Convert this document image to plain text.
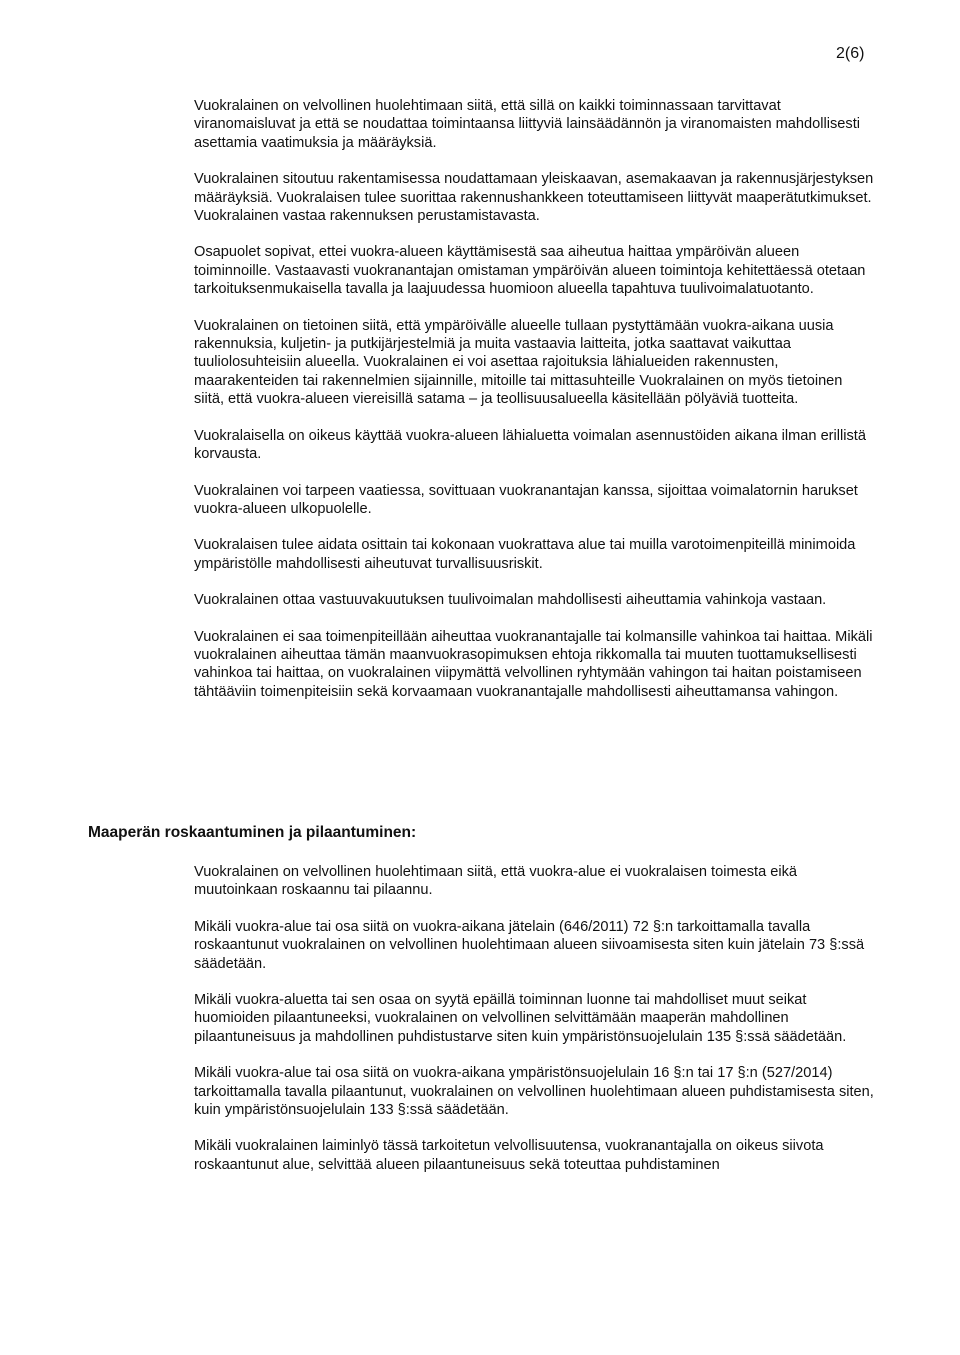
2(6)

Vuokralainen on velvollinen huolehtimaan siitä, että sillä on kaikki toiminnassaan tarvittavat viranomaisluvat ja että se noudattaa toimintaansa liittyviä lainsäädännön ja viranomaisten mahdollisesti asettamia vaatimuksia ja määräyksiä.

Vuokralainen sitoutuu rakentamisessa noudattamaan yleiskaavan, asemakaavan ja rakennusjärjestyksen määräyksiä. Vuokralaisen tulee suorittaa rakennushankkeen toteuttamiseen liittyvät maaperätutkimukset. Vuokralainen vastaa rakennuksen perustamistavasta.

Osapuolet sopivat, ettei vuokra-alueen käyttämisestä saa aiheutua haittaa ympäröivän alueen toiminnoille. Vastaavasti vuokranantajan omistaman ympäröivän alueen toimintoja kehitettäessä otetaan tarkoituksenmukaisella tavalla ja laajuudessa huomioon alueella tapahtuva tuulivoimalatuotanto.

Vuokralainen on tietoinen siitä, että ympäröivälle alueelle tullaan pystyttämään vuokra-aikana uusia rakennuksia, kuljetin- ja putkijärjestelmiä ja muita vastaavia laitteita, jotka saattavat vaikuttaa tuuliolosuhteisiin alueella. Vuokralainen ei voi asettaa rajoituksia lähialueiden rakennusten, maarakenteiden tai rakennelmien sijainnille, mitoille tai mittasuhteille Vuokralainen on myös tietoinen siitä, että vuokra-alueen viereisillä satama – ja teollisuusalueella käsitellään pölyäviä tuotteita.

Vuokralaisella on oikeus käyttää vuokra-alueen lähialuetta voimalan asennustöiden aikana ilman erillistä korvausta.

Vuokralainen voi tarpeen vaatiessa, sovittuaan vuokranantajan kanssa, sijoittaa voimalatornin harukset vuokra-alueen ulkopuolelle.

Vuokralaisen tulee aidata osittain tai kokonaan vuokrattava alue tai muilla varotoimenpiteillä minimoida ympäristölle mahdollisesti aiheutuvat turvallisuusriskit.

Vuokralainen ottaa vastuuvakuutuksen tuulivoimalan mahdollisesti aiheuttamia vahinkoja vastaan.

Vuokralainen ei saa toimenpiteillään aiheuttaa vuokranantajalle tai kolmansille vahinkoa tai haittaa. Mikäli vuokralainen aiheuttaa tämän maanvuokrasopimuksen ehtoja rikkomalla tai muuten tuottamuksellisesti vahinkoa tai haittaa, on vuokralainen viipymättä velvollinen ryhtymään vahingon tai haitan poistamiseen tähtääviin toimenpiteisiin sekä korvaamaan vuokranantajalle mahdollisesti aiheuttamansa vahingon.

Maaperän roskaantuminen ja pilaantuminen:

Vuokralainen on velvollinen huolehtimaan siitä, että vuokra-alue ei vuokralaisen toimesta eikä muutoinkaan roskaannu tai pilaannu.

Mikäli vuokra-alue tai osa siitä on vuokra-aikana jätelain (646/2011) 72 §:n tarkoittamalla tavalla roskaantunut vuokralainen on velvollinen huolehtimaan alueen siivoamisesta siten kuin jätelain 73 §:ssä säädetään.

Mikäli vuokra-aluetta tai sen osaa on syytä epäillä toiminnan luonne tai mahdolliset muut seikat huomioiden pilaantuneeksi, vuokralainen on velvollinen selvittämään maaperän mahdollinen pilaantuneisuus ja mahdollinen puhdistustarve siten kuin ympäristönsuojelulain 135 §:ssä säädetään.

Mikäli vuokra-alue tai osa siitä on vuokra-aikana ympäristönsuojelulain 16 §:n tai 17 §:n (527/2014) tarkoittamalla tavalla pilaantunut, vuokralainen on velvollinen huolehtimaan alueen puhdistamisesta siten, kuin ympäristönsuojelulain 133 §:ssä säädetään.

Mikäli vuokralainen laiminlyö tässä tarkoitetun velvollisuutensa, vuokranantajalla on oikeus siivota roskaantunut alue, selvittää alueen pilaantuneisuus sekä toteuttaa puhdistaminen
